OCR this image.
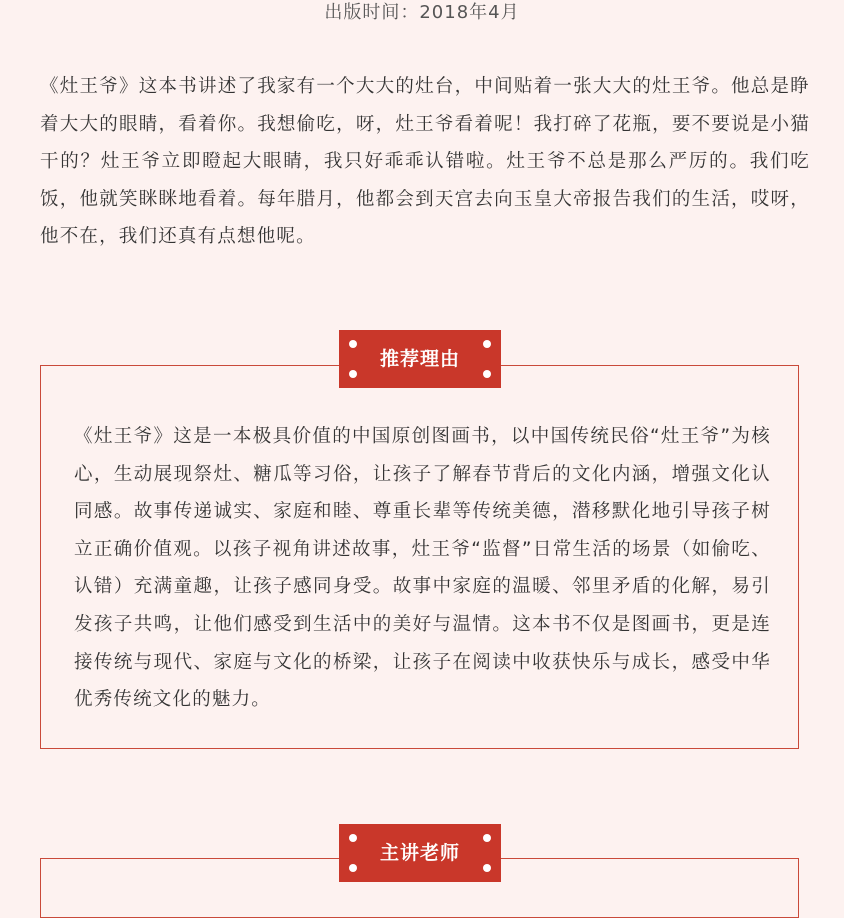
出版时间：2018年4月

《灶王爷》这本书讲述了我家有一个大大的灶台，中间贴着一张大大的灶王爷。他总是睁着大大的眼睛，看着你。我想偷吃，呀，灶王爷看着呢！我打碎了花瓶，要不要说是小猫干的？灶王爷立即瞪起大眼睛，我只好乖乖认错啦。灶王爷不总是那么严厉的。我们吃饭，他就笑眯眯地看着。每年腊月，他都会到天宫去向玉皇大帝报告我们的生活，哎呀，他不在，我们还真有点想他呢。

《灶王爷》这是一本极具价值的中国原创图画书，以中国传统民俗“灶王爷”为核心，生动展现祭灶、糖瓜等习俗，让孩子了解春节背后的文化内涵，增强文化认同感。故事传递诚实、家庭和睦、尊重长辈等传统美德，潜移默化地引导孩子树立正确价值观。以孩子视角讲述故事，灶王爷“监督”日常生活的场景（如偷吃、认错）充满童趣，让孩子感同身受。故事中家庭的温暖、邻里矛盾的化解，易引发孩子共鸣，让他们感受到生活中的美好与温情。这本书不仅是图画书，更是连接传统与现代、家庭与文化的桥梁，让孩子在阅读中收获快乐与成长，感受中华优秀传统文化的魅力。

推荐理由
主讲老师
